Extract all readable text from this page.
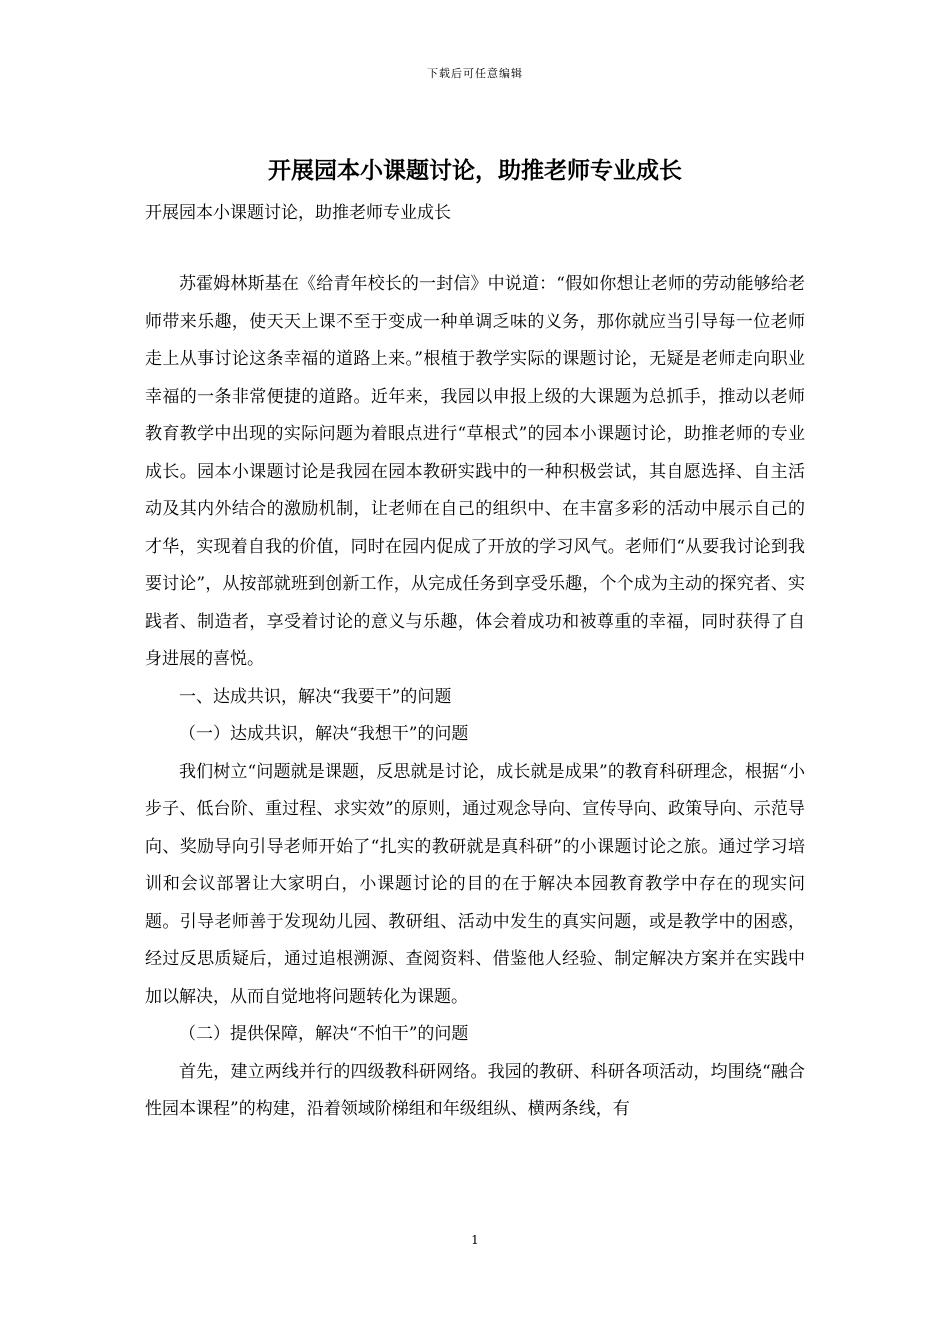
下载后可任意编辑
开展园本小课题讨论，助推老师专业成长

开展园本小课题讨论，助推老师专业成长

苏霍姆林斯基在《给青年校长的一封信》中说道：“假如你想让老师的劳动能够给老师带来乐趣，使天天上课不至于变成一种单调乏味的义务，那你就应当引导每一位老师走上从事讨论这条幸福的道路上来。”根植于教学实际的课题讨论，无疑是老师走向职业幸福的一条非常便捷的道路。近年来，我园以申报上级的大课题为总抓手，推动以老师教育教学中出现的实际问题为着眼点进行“草根式”的园本小课题讨论，助推老师的专业成长。园本小课题讨论是我园在园本教研实践中的一种积极尝试，其自愿选择、自主活动及其内外结合的激励机制，让老师在自己的组织中、在丰富多彩的活动中展示自己的才华，实现着自我的价值，同时在园内促成了开放的学习风气。老师们“从要我讨论到我要讨论”，从按部就班到创新工作，从完成任务到享受乐趣，个个成为主动的探究者、实践者、制造者，享受着讨论的意义与乐趣，体会着成功和被尊重的幸福，同时获得了自身进展的喜悦。

一、达成共识，解决“我要干”的问题

（一）达成共识，解决“我想干”的问题

我们树立“问题就是课题，反思就是讨论，成长就是成果”的教育科研理念，根据“小步子、低台阶、重过程、求实效”的原则，通过观念导向、宣传导向、政策导向、示范导向、奖励导向引导老师开始了“扎实的教研就是真科研”的小课题讨论之旅。通过学习培训和会议部署让大家明白，小课题讨论的目的在于解决本园教育教学中存在的现实问题。引导老师善于发现幼儿园、教研组、活动中发生的真实问题，或是教学中的困惑，经过反思质疑后，通过追根溯源、查阅资料、借鉴他人经验、制定解决方案并在实践中加以解决，从而自觉地将问题转化为课题。

（二）提供保障，解决“不怕干”的问题

首先，建立两线并行的四级教科研网络。我园的教研、科研各项活动，均围绕“融合性园本课程”的构建，沿着领域阶梯组和年级组纵、横两条线，有

1
